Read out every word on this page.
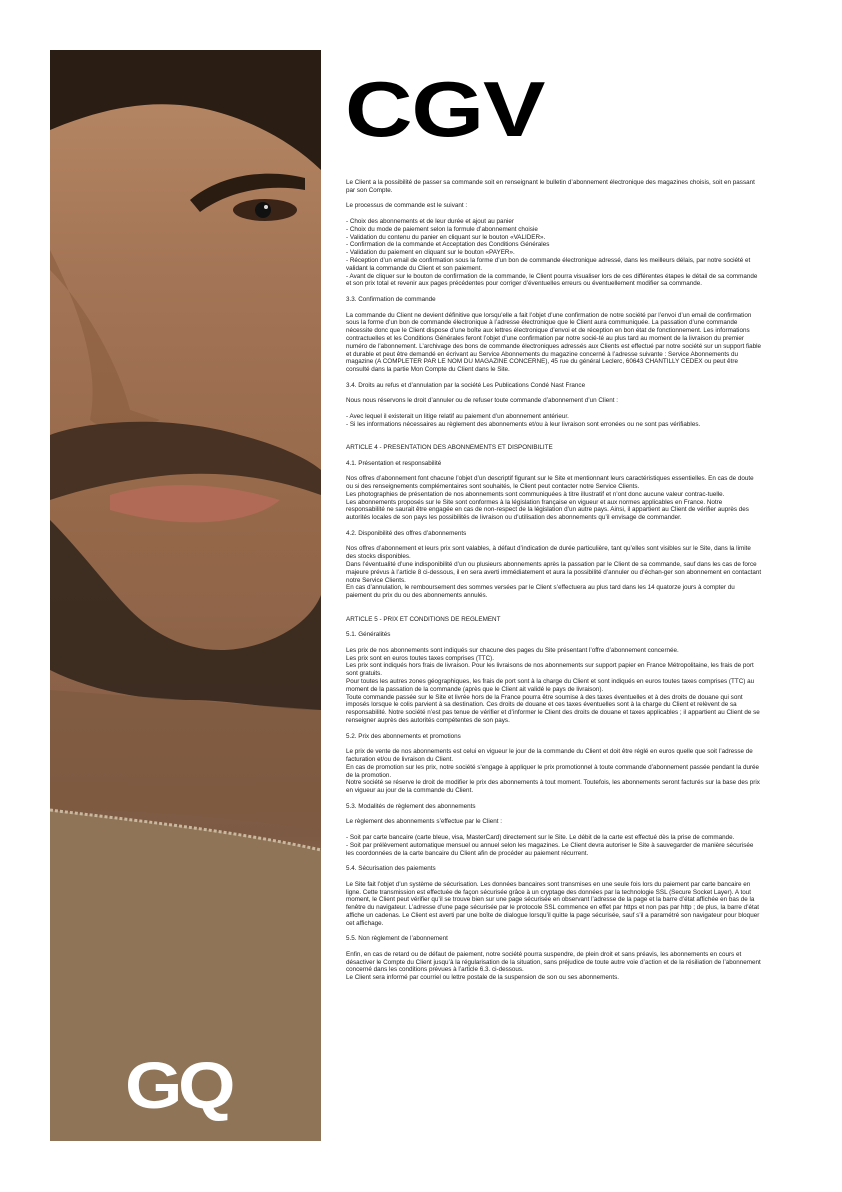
GQ
CGV

Le Client a la possibilité de passer sa commande soit en renseignant le bulletin d’abonnement électronique des magazines choisis, soit en passant par son Compte.

Le processus de commande est le suivant :

- Choix des abonnements et de leur durée et ajout au panier
- Choix du mode de paiement selon la formule d’abonnement choisie
- Validation du contenu du panier en cliquant sur le bouton «VALIDER».
- Confirmation de la commande et Acceptation des Conditions Générales
- Validation du paiement en cliquant sur le bouton «PAYER».
- Réception d’un email de confirmation sous la forme d’un bon de commande électronique adressé, dans les meilleurs délais, par notre société et validant la commande du Client et son paiement.
- Avant de cliquer sur le bouton de confirmation de la commande, le Client pourra visualiser lors de ces différentes étapes le détail de sa commande et son prix total et revenir aux pages précédentes pour corriger d’éventuelles erreurs ou éventuellement modifier sa commande.

3.3. Confirmation de commande

La commande du Client ne devient définitive que lorsqu’elle a fait l’objet d’une confirmation de notre société par l’envoi d’un email de confirmation sous la forme d’un bon de commande électronique à l’adresse électronique que le Client aura communiquée. La passation d’une commande nécessite donc que le Client dispose d’une boîte aux lettres électronique d’envoi et de réception en bon état de fonctionnement. Les informations contractuelles et les Conditions Générales feront l’objet d’une confirmation par notre socié-té au plus tard au moment de la livraison du premier numéro de l’abonnement. L’archivage des bons de commande électroniques adressés aux Clients est effectué par notre société sur un support fiable et durable et peut être demandé en écrivant au Service Abonnements du magazine concerné à l’adresse suivante : Service Abonnements du magazine (A COMPLETER PAR LE NOM DU MAGAZINE CONCERNE), 45 rue du général Leclerc, 60643 CHANTILLY CEDEX ou peut être consulté dans la partie Mon Compte du Client dans le Site.

3.4. Droits au refus et d’annulation par la société Les Publications Condé Nast France

Nous nous réservons le droit d’annuler ou de refuser toute commande d’abonnement d’un Client :

- Avec lequel il existerait un litige relatif au paiement d’un abonnement antérieur.
- Si les informations nécessaires au règlement des abonnements et/ou à leur livraison sont erronées ou ne sont pas vérifiables.

ARTICLE 4 - PRESENTATION DES ABONNEMENTS ET DISPONIBILITE

4.1. Présentation et responsabilité

Nos offres d’abonnement font chacune l’objet d’un descriptif figurant sur le Site et mentionnant leurs caractéristiques essentielles. En cas de doute ou si des renseignements complémentaires sont souhaités, le Client peut contacter notre Service Clients.
Les photographies de présentation de nos abonnements sont communiquées à titre illustratif et n’ont donc aucune valeur contrac-tuelle.
Les abonnements proposés sur le Site sont conformes à la législation française en vigueur et aux normes applicables en France. Notre responsabilité ne saurait être engagée en cas de non-respect de la législation d’un autre pays. Ainsi, il appartient au Client de vérifier auprès des autorités locales de son pays les possibilités de livraison ou d’utilisation des abonnements qu’il envisage de commander.

4.2. Disponibilité des offres d’abonnements

Nos offres d’abonnement et leurs prix sont valables, à défaut d’indication de durée particulière, tant qu’elles sont visibles sur le Site, dans la limite des stocks disponibles.
Dans l’éventualité d’une indisponibilité d’un ou plusieurs abonnements après la passation par le Client de sa commande, sauf dans les cas de force majeure prévus à l’article 8 ci-dessous, il en sera averti immédiatement et aura la possibilité d’annuler ou d’échan-ger son abonnement en contactant notre Service Clients.
En cas d’annulation, le remboursement des sommes versées par le Client s’effectuera au plus tard dans les 14 quatorze jours à compter du paiement du prix du ou des abonnements annulés.

ARTICLE 5 - PRIX ET CONDITIONS DE REGLEMENT

5.1. Généralités

Les prix de nos abonnements sont indiqués sur chacune des pages du Site présentant l’offre d’abonnement concernée.
Les prix sont en euros toutes taxes comprises (TTC).
Les prix sont indiqués hors frais de livraison. Pour les livraisons de nos abonnements sur support papier en France Métropolitaine, les frais de port sont gratuits.
Pour toutes les autres zones géographiques, les frais de port sont à la charge du Client et sont indiqués en euros toutes taxes comprises (TTC) au moment de la passation de la commande (après que le Client ait validé le pays de livraison).
Toute commande passée sur le Site et livrée hors de la France pourra être soumise à des taxes éventuelles et à des droits de douane qui sont imposés lorsque le colis parvient à sa destination. Ces droits de douane et ces taxes éventuelles sont à la charge du Client et relèvent de sa responsabilité. Notre société n’est pas tenue de vérifier et d’informer le Client des droits de douane et taxes applicables ; il appartient au Client de se renseigner auprès des autorités compétentes de son pays.

5.2. Prix des abonnements et promotions

Le prix de vente de nos abonnements est celui en vigueur le jour de la commande du Client et doit être réglé en euros quelle que soit l’adresse de facturation et/ou de livraison du Client.
En cas de promotion sur les prix, notre société s’engage à appliquer le prix promotionnel à toute commande d’abonnement passée pendant la durée de la promotion.
Notre société se réserve le droit de modifier le prix des abonnements à tout moment. Toutefois, les abonnements seront facturés sur la base des prix en vigueur au jour de la commande du Client.

5.3. Modalités de règlement des abonnements

Le règlement des abonnements s’effectue par le Client :

- Soit par carte bancaire (carte bleue, visa, MasterCard) directement sur le Site. Le débit de la carte est effectué dès la prise de commande.
- Soit par prélèvement automatique mensuel ou annuel selon les magazines. Le Client devra autoriser le Site à sauvegarder de manière sécurisée les coordonnées de la carte bancaire du Client afin de procéder au paiement récurrent.

5.4. Sécurisation des paiements

Le Site fait l’objet d’un système de sécurisation. Les données bancaires sont transmises en une seule fois lors du paiement par carte bancaire en ligne. Cette transmission est effectuée de façon sécurisée grâce à un cryptage des données par la technologie SSL (Secure Socket Layer). A tout moment, le Client peut vérifier qu’il se trouve bien sur une page sécurisée en observant l’adresse de la page et la barre d’état affichée en bas de la fenêtre du navigateur. L’adresse d’une page sécurisée par le protocole SSL commence en effet par https et non pas par http ; de plus, la barre d’état affiche un cadenas. Le Client est averti par une boîte de dialogue lorsqu’il quitte la page sécurisée, sauf s’il a paramétré son navigateur pour bloquer cet affichage.

5.5. Non règlement de l’abonnement

Enfin, en cas de retard ou de défaut de paiement, notre société pourra suspendre, de plein droit et sans préavis, les abonnements en cours et désactiver le Compte du Client jusqu’à la régularisation de la situation, sans préjudice de toute autre voie d’action et de la résiliation de l’abonnement concerné dans les conditions prévues à l’article 6.3. ci-dessous.
Le Client sera informé par courriel ou lettre postale de la suspension de son ou ses abonnements.
